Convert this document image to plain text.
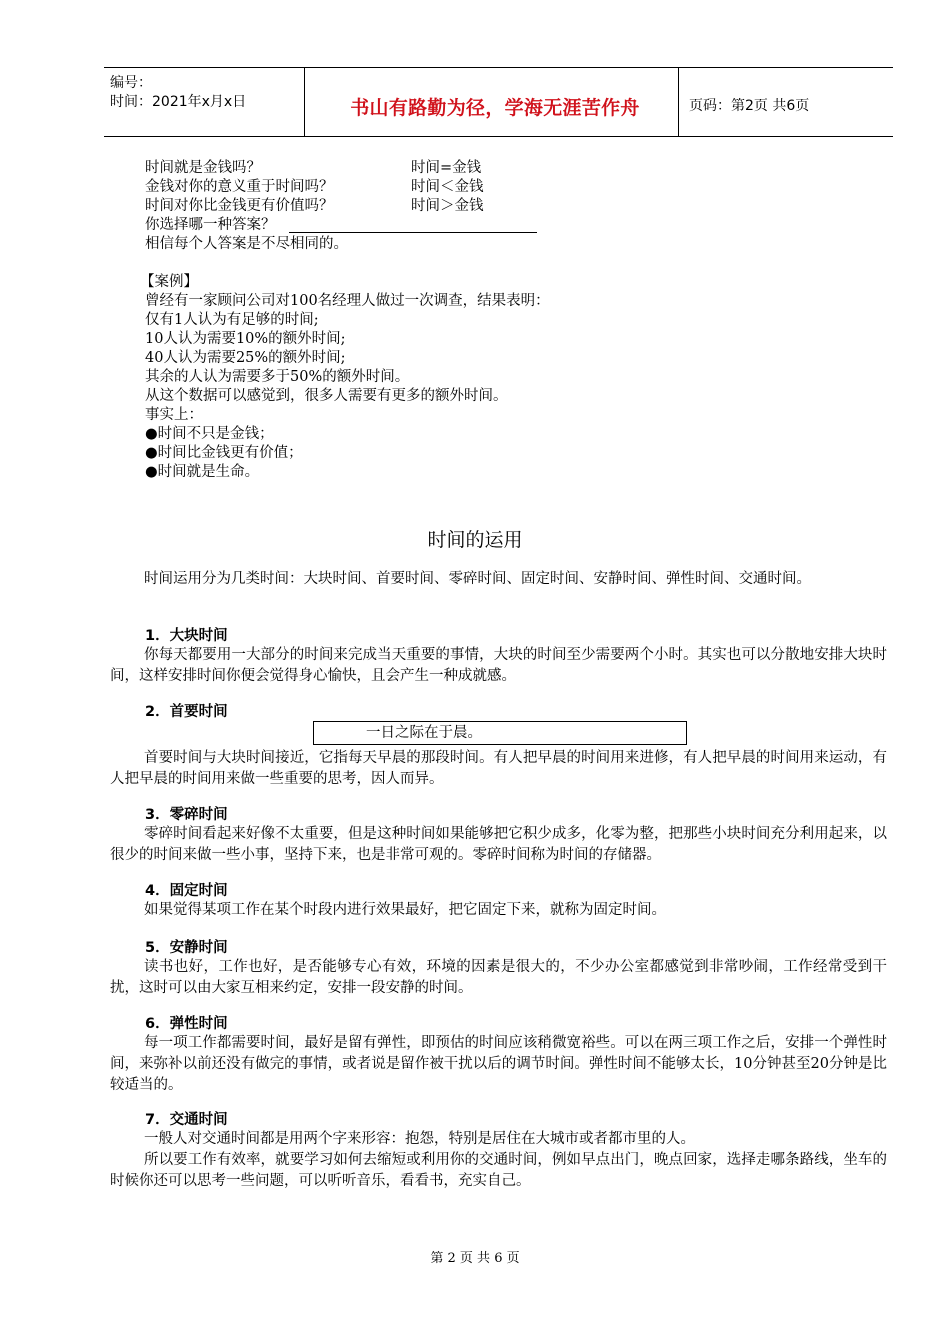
编号：
时间：2021年x月x日	书山有路勤为径，学海无涯苦作舟	页码：第2页 共6页
时间就是金钱吗？	时间=金钱
金钱对你的意义重于时间吗？	时间＜金钱
时间对你比金钱更有价值吗？	时间＞金钱
你选择哪一种答案？
相信每个人答案是不尽相同的。
【案例】
曾经有一家顾问公司对100名经理人做过一次调查，结果表明：
仅有1人认为有足够的时间;
10人认为需要10%的额外时间;
40人认为需要25%的额外时间;
其余的人认为需要多于50%的额外时间。
从这个数据可以感觉到，很多人需要有更多的额外时间。
事实上：
●时间不只是金钱；
●时间比金钱更有价值；
●时间就是生命。
时间的运用
时间运用分为几类时间：大块时间、首要时间、零碎时间、固定时间、安静时间、弹性时间、交通时间。
1．大块时间
你每天都要用一大部分的时间来完成当天重要的事情，大块的时间至少需要两个小时。其实也可以分散地安排大块时间，这样安排时间你便会觉得身心愉快，且会产生一种成就感。
2．首要时间
一日之际在于晨。
首要时间与大块时间接近，它指每天早晨的那段时间。有人把早晨的时间用来进修，有人把早晨的时间用来运动，有人把早晨的时间用来做一些重要的思考，因人而异。
3．零碎时间
零碎时间看起来好像不太重要，但是这种时间如果能够把它积少成多，化零为整，把那些小块时间充分利用起来，以很少的时间来做一些小事，坚持下来，也是非常可观的。零碎时间称为时间的存储器。
4．固定时间
如果觉得某项工作在某个时段内进行效果最好，把它固定下来，就称为固定时间。
5．安静时间
读书也好，工作也好，是否能够专心有效，环境的因素是很大的，不少办公室都感觉到非常吵闹，工作经常受到干扰，这时可以由大家互相来约定，安排一段安静的时间。
6．弹性时间
每一项工作都需要时间，最好是留有弹性，即预估的时间应该稍微宽裕些。可以在两三项工作之后，安排一个弹性时间，来弥补以前还没有做完的事情，或者说是留作被干扰以后的调节时间。弹性时间不能够太长，10分钟甚至20分钟是比较适当的。
7．交通时间
一般人对交通时间都是用两个字来形容：抱怨，特别是居住在大城市或者都市里的人。
所以要工作有效率，就要学习如何去缩短或利用你的交通时间，例如早点出门，晚点回家，选择走哪条路线，坐车的时候你还可以思考一些问题，可以听听音乐，看看书，充实自己。
第 2 页 共 6 页
